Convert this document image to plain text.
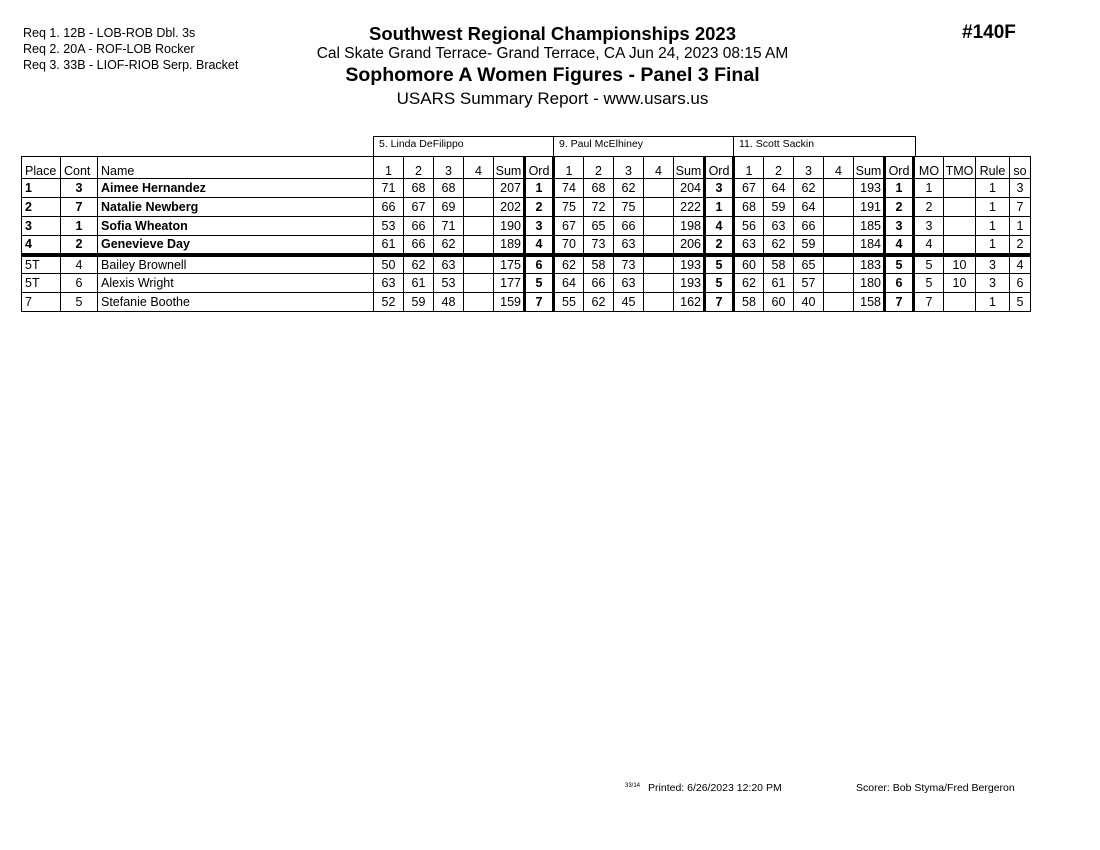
Req 1. 12B - LOB-ROB Dbl. 3s
Req 2. 20A - ROF-LOB Rocker
Req 3. 33B - LIOF-RIOB Serp. Bracket
Southwest Regional Championships 2023
Cal Skate Grand Terrace- Grand Terrace, CA Jun 24, 2023 08:15 AM
Sophomore A Women Figures - Panel 3 Final
USARS Summary Report - www.usars.us
#140F
5. Linda DeFilippo	9. Paul McElhiney	11. Scott Sackin
Place	Cont	Name	1	2	3	4	Sum	Ord	1	2	3	4	Sum	Ord	1	2	3	4	Sum	Ord	MO	TMO	Rule	so
1	3	Aimee Hernandez	71	68	68		207	1	74	68	62		204	3	67	64	62		193	1	1		1	3
2	7	Natalie Newberg	66	67	69		202	2	75	72	75		222	1	68	59	64		191	2	2		1	7
3	1	Sofia Wheaton	53	66	71		190	3	67	65	66		198	4	56	63	66		185	3	3		1	1
4	2	Genevieve Day	61	66	62		189	4	70	73	63		206	2	63	62	59		184	4	4		1	2
5T	4	Bailey Brownell	50	62	63		175	6	62	58	73		193	5	60	58	65		183	5	5	10	3	4
5T	6	Alexis Wright	63	61	53		177	5	64	66	63		193	5	62	61	57		180	6	5	10	3	6
7	5	Stefanie Boothe	52	59	48		159	7	55	62	45		162	7	58	60	40		158	7	7		1	5
$^{33/14}$ Printed: 6/26/2023 12:20 PM	Scorer: Bob Styma/Fred Bergeron
